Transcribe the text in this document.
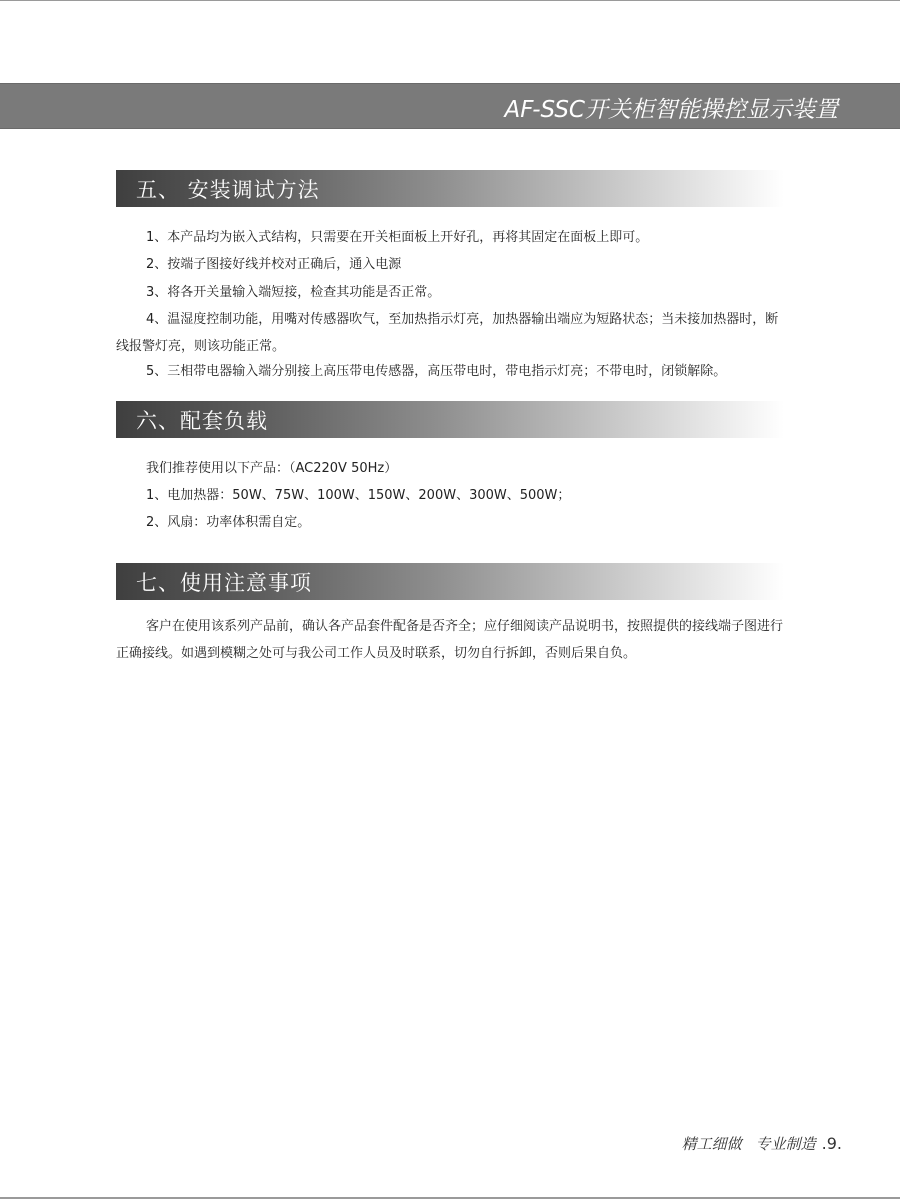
AF-SSC开关柜智能操控显示装置
五、 安装调试方法

1、本产品均为嵌入式结构，只需要在开关柜面板上开好孔，再将其固定在面板上即可。

2、按端子图接好线并校对正确后，通入电源

3、将各开关量输入端短接，检查其功能是否正常。

4、温湿度控制功能，用嘴对传感器吹气，至加热指示灯亮，加热器输出端应为短路状态；当未接加热器时，断线报警灯亮，则该功能正常。

5、三相带电器输入端分别接上高压带电传感器，高压带电时，带电指示灯亮；不带电时，闭锁解除。

六、配套负载

我们推荐使用以下产品：（AC220V 50Hz）

1、电加热器：50W、75W、100W、150W、200W、300W、500W；

2、风扇：功率体积需自定。

七、使用注意事项

客户在使用该系列产品前，确认各产品套件配备是否齐全；应仔细阅读产品说明书，按照提供的接线端子图进行正确接线。如遇到模糊之处可与我公司工作人员及时联系，切勿自行拆卸，否则后果自负。

精工细做 专业制造 .9.
